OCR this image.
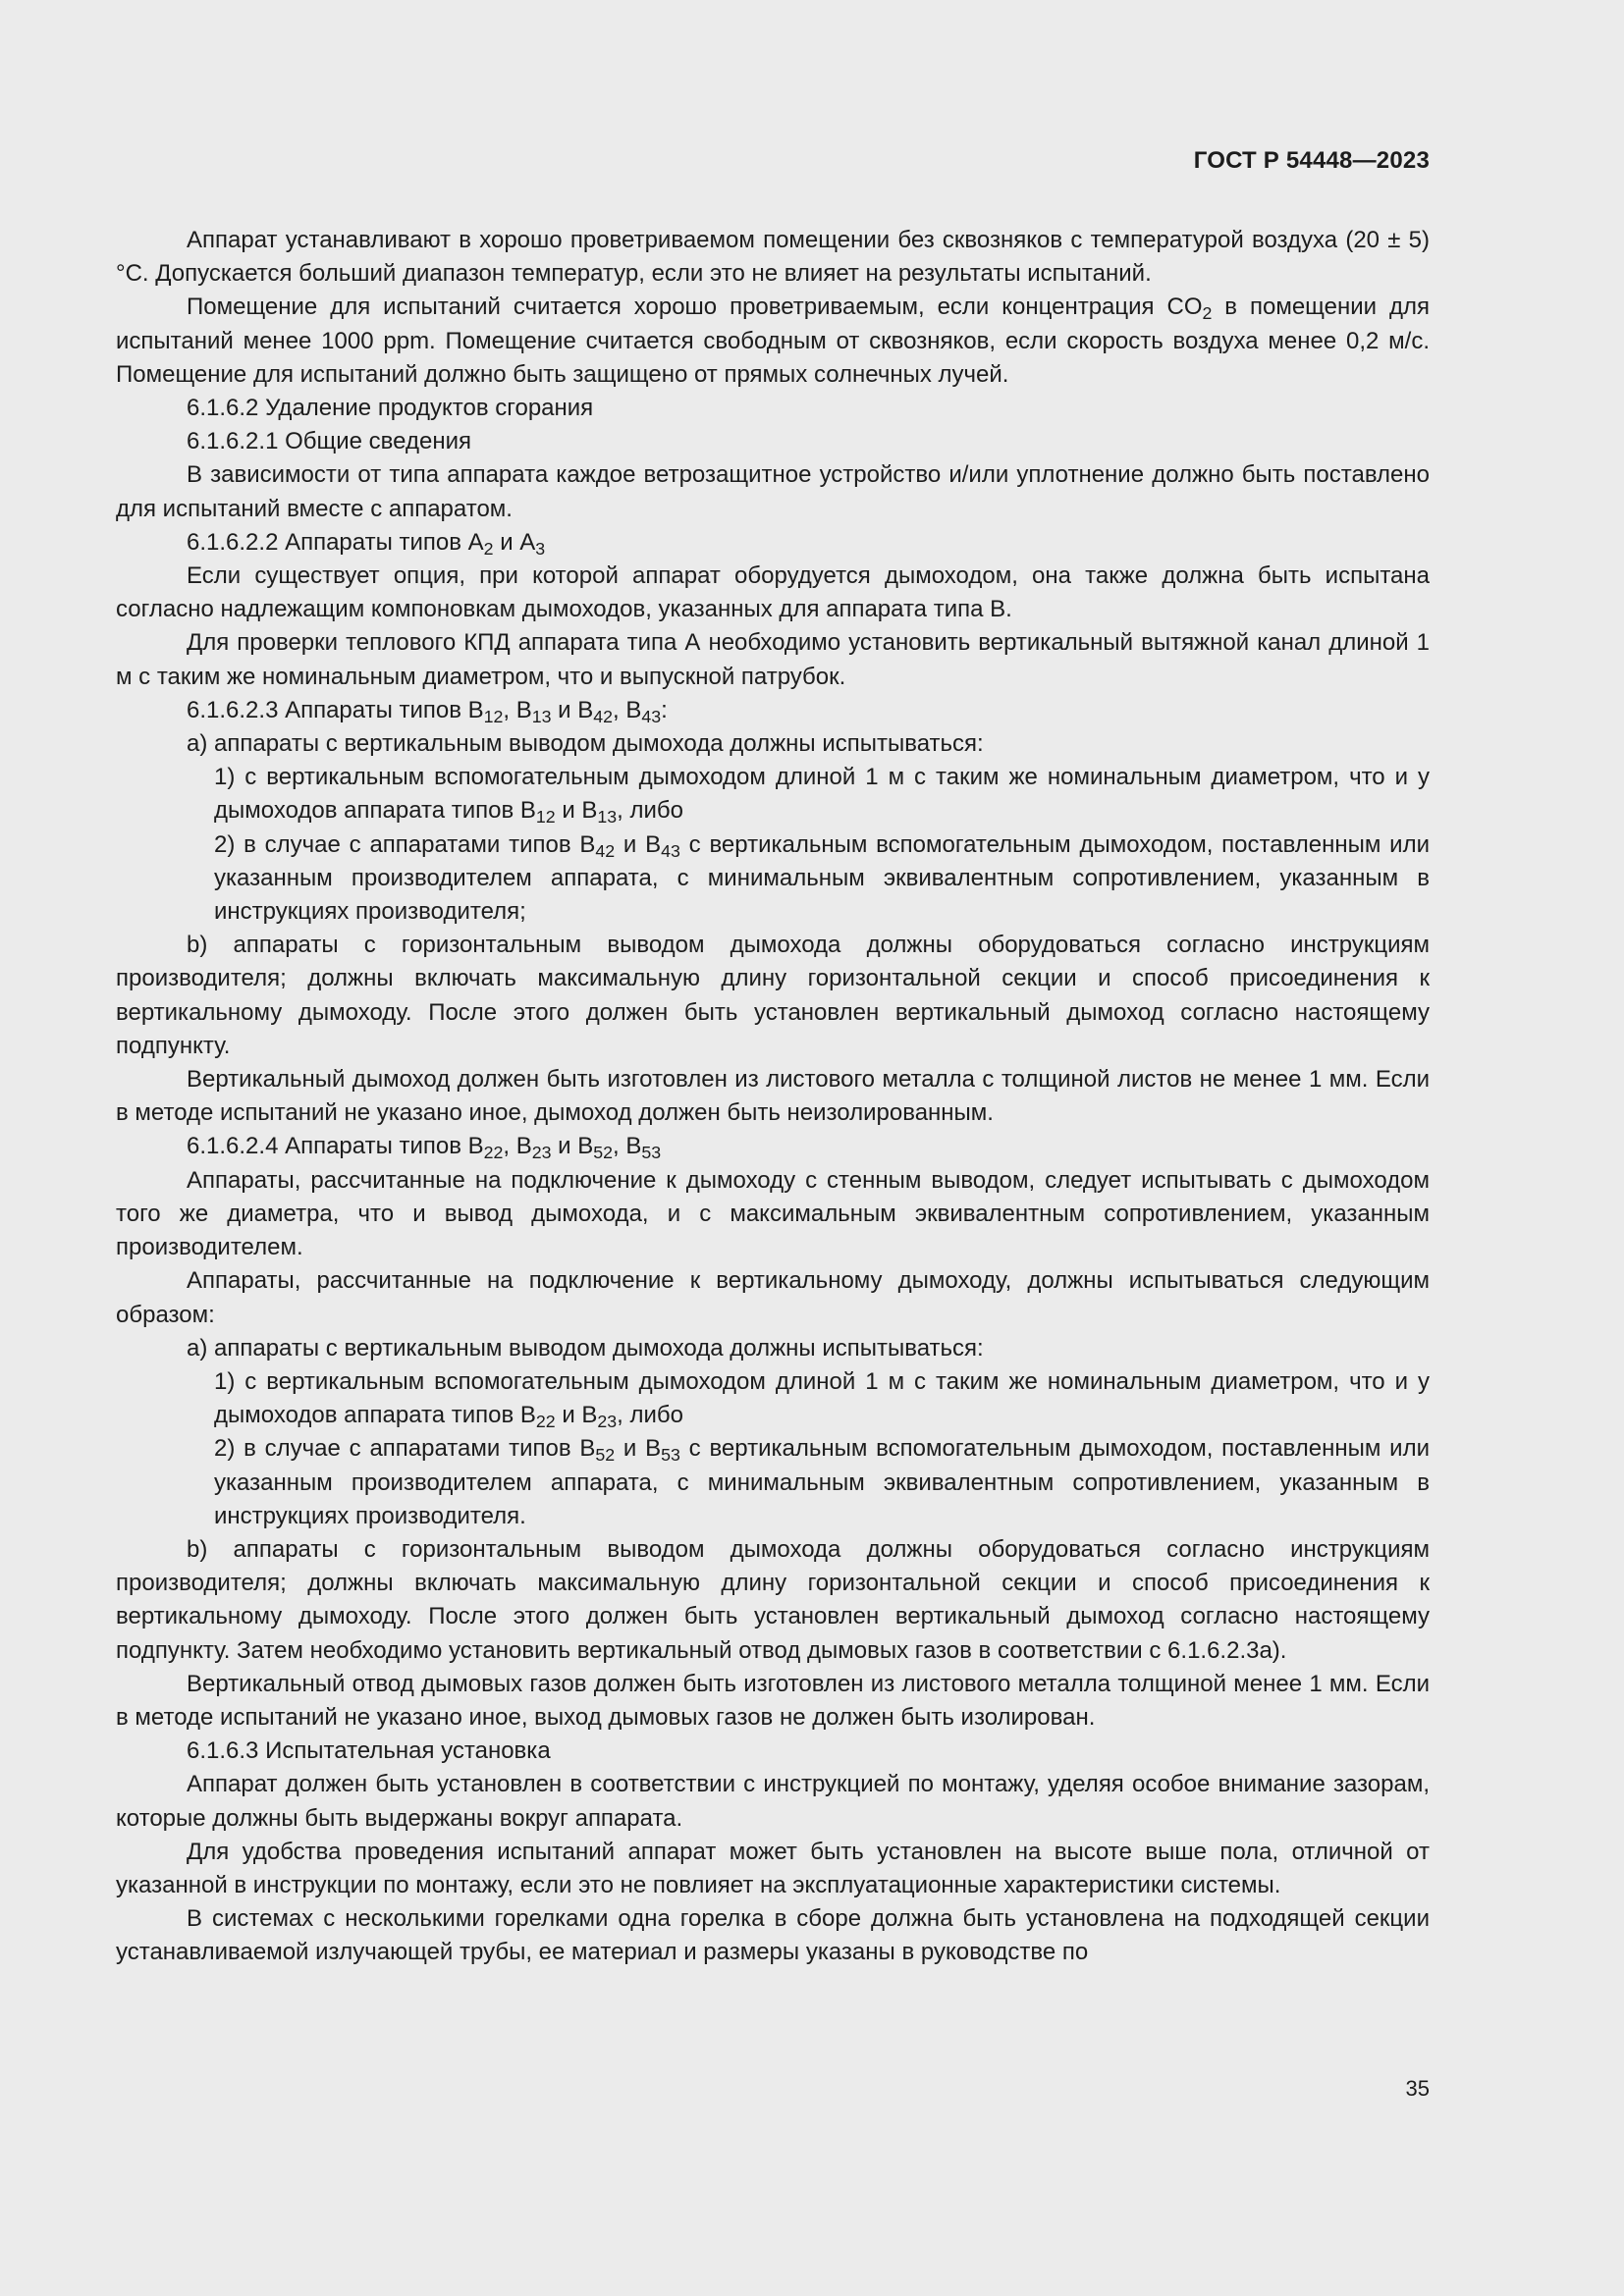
ГОСТ Р 54448—2023

Аппарат устанавливают в хорошо проветриваемом помещении без сквозняков с температурой воздуха (20 ± 5) °С. Допускается больший диапазон температур, если это не влияет на результаты испытаний.

Помещение для испытаний считается хорошо проветриваемым, если концентрация $CO_2$ в помещении для испытаний менее 1000 ppm. Помещение считается свободным от сквозняков, если скорость воздуха менее 0,2 м/с. Помещение для испытаний должно быть защищено от прямых солнечных лучей.

6.1.6.2 Удаление продуктов сгорания

6.1.6.2.1 Общие сведения

В зависимости от типа аппарата каждое ветрозащитное устройство и/или уплотнение должно быть поставлено для испытаний вместе с аппаратом.

6.1.6.2.2 Аппараты типов $А_2$ и $А_3$

Если существует опция, при которой аппарат оборудуется дымоходом, она также должна быть испытана согласно надлежащим компоновкам дымоходов, указанных для аппарата типа В.

Для проверки теплового КПД аппарата типа А необходимо установить вертикальный вытяжной канал длиной 1 м с таким же номинальным диаметром, что и выпускной патрубок.

6.1.6.2.3 Аппараты типов $В_{12}$, $В_{13}$ и $В_{42}$, $В_{43}$:

a) аппараты с вертикальным выводом дымохода должны испытываться:

1) с вертикальным вспомогательным дымоходом длиной 1 м с таким же номинальным диаметром, что и у дымоходов аппарата типов $В_{12}$ и $В_{13}$, либо

2) в случае с аппаратами типов $В_{42}$ и $В_{43}$ с вертикальным вспомогательным дымоходом, поставленным или указанным производителем аппарата, с минимальным эквивалентным сопротивлением, указанным в инструкциях производителя;

b) аппараты с горизонтальным выводом дымохода должны оборудоваться согласно инструкциям производителя; должны включать максимальную длину горизонтальной секции и способ присоединения к вертикальному дымоходу. После этого должен быть установлен вертикальный дымоход согласно настоящему подпункту.

Вертикальный дымоход должен быть изготовлен из листового металла с толщиной листов не менее 1 мм. Если в методе испытаний не указано иное, дымоход должен быть неизолированным.

6.1.6.2.4 Аппараты типов $В_{22}$, $В_{23}$ и $В_{52}$, $В_{53}$

Аппараты, рассчитанные на подключение к дымоходу с стенным выводом, следует испытывать с дымоходом того же диаметра, что и вывод дымохода, и с максимальным эквивалентным сопротивлением, указанным производителем.

Аппараты, рассчитанные на подключение к вертикальному дымоходу, должны испытываться следующим образом:

a) аппараты с вертикальным выводом дымохода должны испытываться:

1) с вертикальным вспомогательным дымоходом длиной 1 м с таким же номинальным диаметром, что и у дымоходов аппарата типов $В_{22}$ и $В_{23}$, либо

2) в случае с аппаратами типов $В_{52}$ и $В_{53}$ с вертикальным вспомогательным дымоходом, поставленным или указанным производителем аппарата, с минимальным эквивалентным сопротивлением, указанным в инструкциях производителя.

b) аппараты с горизонтальным выводом дымохода должны оборудоваться согласно инструкциям производителя; должны включать максимальную длину горизонтальной секции и способ присоединения к вертикальному дымоходу. После этого должен быть установлен вертикальный дымоход согласно настоящему подпункту. Затем необходимо установить вертикальный отвод дымовых газов в соответствии с 6.1.6.2.3а).

Вертикальный отвод дымовых газов должен быть изготовлен из листового металла толщиной менее 1 мм. Если в методе испытаний не указано иное, выход дымовых газов не должен быть изолирован.

6.1.6.3 Испытательная установка

Аппарат должен быть установлен в соответствии с инструкцией по монтажу, уделяя особое внимание зазорам, которые должны быть выдержаны вокруг аппарата.

Для удобства проведения испытаний аппарат может быть установлен на высоте выше пола, отличной от указанной в инструкции по монтажу, если это не повлияет на эксплуатационные характеристики системы.

В системах с несколькими горелками одна горелка в сборе должна быть установлена на подходящей секции устанавливаемой излучающей трубы, ее материал и размеры указаны в руководстве по

35
